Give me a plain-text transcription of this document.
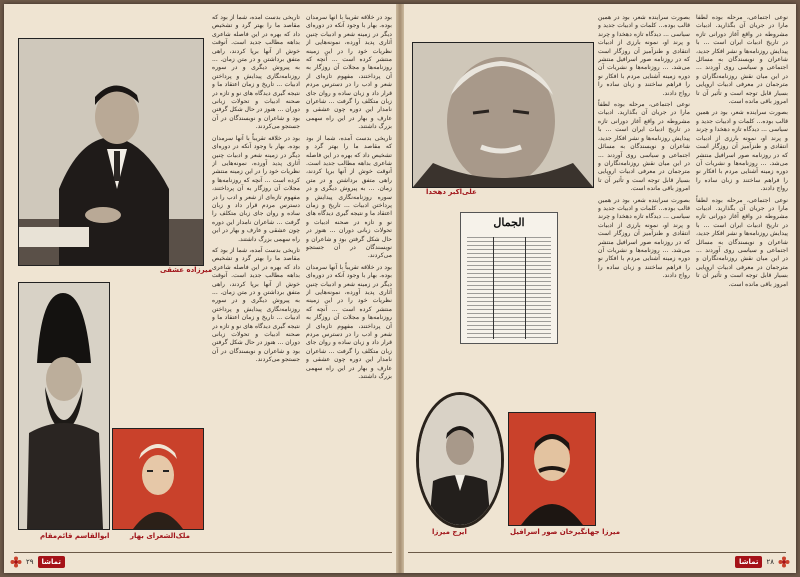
میرزاده عشقی
ابوالقاسم قائم‌مقام	ملک‌الشعرای بهار

تاریخی بدست آمده، شما از بود که مقاصد ما را بهتر گرد و تشخیص داد که بهره در این فاصله شاعری بداهه مطالب جدید است. آنوقت خوش از آنها برپا کردند، راهی متفق برداشتن و در متن زمان. ... به پیروش دیگری و در سوره روزنامه‌نگاری پیدایش و پرداختن ادبیات ... تاریخ و زمان اعتقاد ما و نتیجه گیری دیدگاه های نو و تازه در صحنه ادبیات و تحولات زبانی دوران ... هنوز در حال شکل گرفتن بود و شاعران و نویسندگان در آن جستجو می‌کردند.

بود در خلاقه تقریباً با آنها سرمدان بوده. بهار با وجود آنکه در دوره‌ای دیگر در زمینه شعر و ادبیات چنین آثاری پدید آورده، نمونه‌هایی از نظریات خود را در این زمینه منتشر کرده است ... آنچه که روزنامه‌ها و مجلات آن روزگار به آن پرداختند، مفهوم تازه‌ای از شعر و ادب را در دسترس مردم قرار داد و زبان ساده و روان جای زبان متکلف را گرفت ... شاعران نامدار این دوره چون عشقی و عارف و بهار در این راه سهمی بزرگ داشتند.

تاریخی بدست آمده، شما از بود که مقاصد ما را بهتر گرد و تشخیص داد که بهره در این فاصله شاعری بداهه مطالب جدید است. آنوقت خوش از آنها برپا کردند، راهی متفق برداشتن و در متن زمان. ... به پیروش دیگری و در سوره روزنامه‌نگاری پیدایش و پرداختن ادبیات ... تاریخ و زمان اعتقاد ما و نتیجه گیری دیدگاه های نو و تازه در صحنه ادبیات و تحولات زبانی دوران ... هنوز در حال شکل گرفتن بود و شاعران و نویسندگان در آن جستجو می‌کردند.

بود در خلاقه تقریباً با آنها سرمدان بوده. بهار با وجود آنکه در دوره‌ای دیگر در زمینه شعر و ادبیات چنین آثاری پدید آورده، نمونه‌هایی از نظریات خود را در این زمینه منتشر کرده است ... آنچه که روزنامه‌ها و مجلات آن روزگار به آن پرداختند، مفهوم تازه‌ای از شعر و ادب را در دسترس مردم قرار داد و زبان ساده و روان جای زبان متکلف را گرفت ... شاعران نامدار این دوره چون عشقی و عارف و بهار در این راه سهمی بزرگ داشتند.

تاریخی بدست آمده، شما از بود که مقاصد ما را بهتر گرد و تشخیص داد که بهره در این فاصله شاعری بداهه مطالب جدید است. آنوقت خوش از آنها برپا کردند، راهی متفق برداشتن و در متن زمان. ... به پیروش دیگری و در سوره روزنامه‌نگاری پیدایش و پرداختن ادبیات ... تاریخ و زمان اعتقاد ما و نتیجه گیری دیدگاه های نو و تازه در صحنه ادبیات و تحولات زبانی دوران ... هنوز در حال شکل گرفتن بود و شاعران و نویسندگان در آن جستجو می‌کردند.

بود در خلاقه تقریباً با آنها سرمدان بوده. بهار با وجود آنکه در دوره‌ای دیگر در زمینه شعر و ادبیات چنین آثاری پدید آورده، نمونه‌هایی از نظریات خود را در این زمینه منتشر کرده است ... آنچه که روزنامه‌ها و مجلات آن روزگار به آن پرداختند، مفهوم تازه‌ای از شعر و ادب را در دسترس مردم قرار داد و زبان ساده و روان جای زبان متکلف را گرفت ... شاعران نامدار این دوره چون عشقی و عارف و بهار در این راه سهمی بزرگ داشتند.

۲۹	تماشا
علی‌اکبر دهخدا
الجمال
ایرج میرزا	میرزا جهانگیرخان صور اسرافیل

بصورت سراینده شعر، بود در همین قالب بوده... کلمات و ادبیات جدید و سیاسی ... دیدگاه تازه دهخدا و چرند و پرند او، نمونه بارزی از ادبیات انتقادی و طنزآمیز آن روزگار است که در روزنامه صور اسرافیل منتشر می‌شد. ... روزنامه‌ها و نشریات آن دوره زمینه آشنایی مردم با افکار نو را فراهم ساختند و زبان ساده را رواج دادند.

نوعی اجتماعی، مرحله بوده لطفاً مارا در جریان آن بگذارید. ادبیات مشروطه در واقع آغاز دورانی تازه در تاریخ ادبیات ایران است ... با پیدایش روزنامه‌ها و نشر افکار جدید، شاعران و نویسندگان به مسائل اجتماعی و سیاسی روی آوردند ... در این میان نقش روزنامه‌نگاران و مترجمان در معرفی ادبیات اروپایی بسیار قابل توجه است و تأثیر آن تا امروز باقی مانده است.

بصورت سراینده شعر، بود در همین قالب بوده... کلمات و ادبیات جدید و سیاسی ... دیدگاه تازه دهخدا و چرند و پرند او، نمونه بارزی از ادبیات انتقادی و طنزآمیز آن روزگار است که در روزنامه صور اسرافیل منتشر می‌شد. ... روزنامه‌ها و نشریات آن دوره زمینه آشنایی مردم با افکار نو را فراهم ساختند و زبان ساده را رواج دادند.

نوعی اجتماعی، مرحله بوده لطفاً مارا در جریان آن بگذارید. ادبیات مشروطه در واقع آغاز دورانی تازه در تاریخ ادبیات ایران است ... با پیدایش روزنامه‌ها و نشر افکار جدید، شاعران و نویسندگان به مسائل اجتماعی و سیاسی روی آوردند ... در این میان نقش روزنامه‌نگاران و مترجمان در معرفی ادبیات اروپایی بسیار قابل توجه است و تأثیر آن تا امروز باقی مانده است.

بصورت سراینده شعر، بود در همین قالب بوده... کلمات و ادبیات جدید و سیاسی ... دیدگاه تازه دهخدا و چرند و پرند او، نمونه بارزی از ادبیات انتقادی و طنزآمیز آن روزگار است که در روزنامه صور اسرافیل منتشر می‌شد. ... روزنامه‌ها و نشریات آن دوره زمینه آشنایی مردم با افکار نو را فراهم ساختند و زبان ساده را رواج دادند.

نوعی اجتماعی، مرحله بوده لطفاً مارا در جریان آن بگذارید. ادبیات مشروطه در واقع آغاز دورانی تازه در تاریخ ادبیات ایران است ... با پیدایش روزنامه‌ها و نشر افکار جدید، شاعران و نویسندگان به مسائل اجتماعی و سیاسی روی آوردند ... در این میان نقش روزنامه‌نگاران و مترجمان در معرفی ادبیات اروپایی بسیار قابل توجه است و تأثیر آن تا امروز باقی مانده است.

تماشا	۲۸
